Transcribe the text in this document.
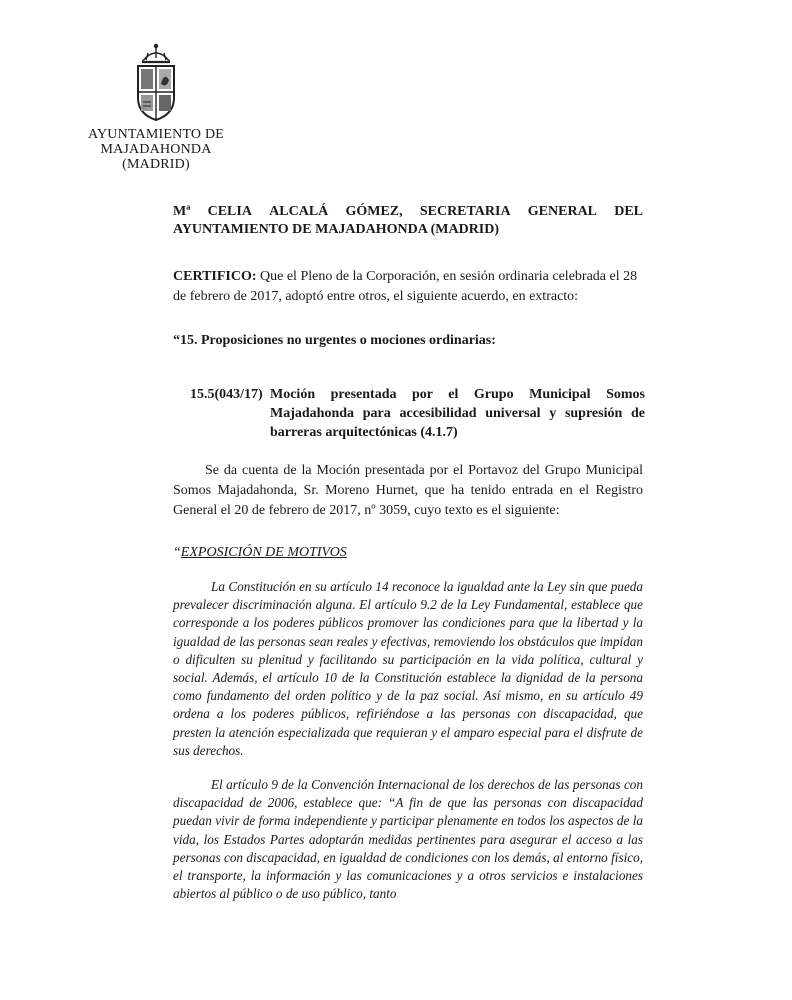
AYUNTAMIENTO DE
MAJADAHONDA
(MADRID)
Mª CELIA ALCALÁ GÓMEZ, SECRETARIA GENERAL DEL
AYUNTAMIENTO DE MAJADAHONDA (MADRID)
CERTIFICO: Que el Pleno de la Corporación, en sesión ordinaria celebrada el 28 de febrero de 2017, adoptó entre otros, el siguiente acuerdo, en extracto:
“15. Proposiciones no urgentes o mociones ordinarias:
15.5(043/17) Moción presentada por el Grupo Municipal Somos Majadahonda para accesibilidad universal y supresión de barreras arquitectónicas (4.1.7)
Se da cuenta de la Moción presentada por el Portavoz del Grupo Municipal Somos Majadahonda, Sr. Moreno Hurnet, que ha tenido entrada en el Registro General el 20 de febrero de 2017, nº 3059, cuyo texto es el siguiente:
“EXPOSICIÓN DE MOTIVOS
La Constitución en su artículo 14 reconoce la igualdad ante la Ley sin que pueda prevalecer discriminación alguna. El artículo 9.2 de la Ley Fundamental, establece que corresponde a los poderes públicos promover las condiciones para que la libertad y la igualdad de las personas sean reales y efectivas, removiendo los obstáculos que impidan o dificulten su plenitud y facilitando su participación en la vida política, cultural y social. Además, el artículo 10 de la Constitución establece la dignidad de la persona como fundamento del orden político y de la paz social. Así mismo, en su artículo 49 ordena a los poderes públicos, refiriéndose a las personas con discapacidad, que presten la atención especializada que requieran y el amparo especial para el disfrute de sus derechos.
El artículo 9 de la Convención Internacional de los derechos de las personas con discapacidad de 2006, establece que: “A fin de que las personas con discapacidad puedan vivir de forma independiente y participar plenamente en todos los aspectos de la vida, los Estados Partes adoptarán medidas pertinentes para asegurar el acceso a las personas con discapacidad, en igualdad de condiciones con los demás, al entorno físico, el transporte, la información y las comunicaciones y a otros servicios e instalaciones abiertos al público o de uso público, tanto
